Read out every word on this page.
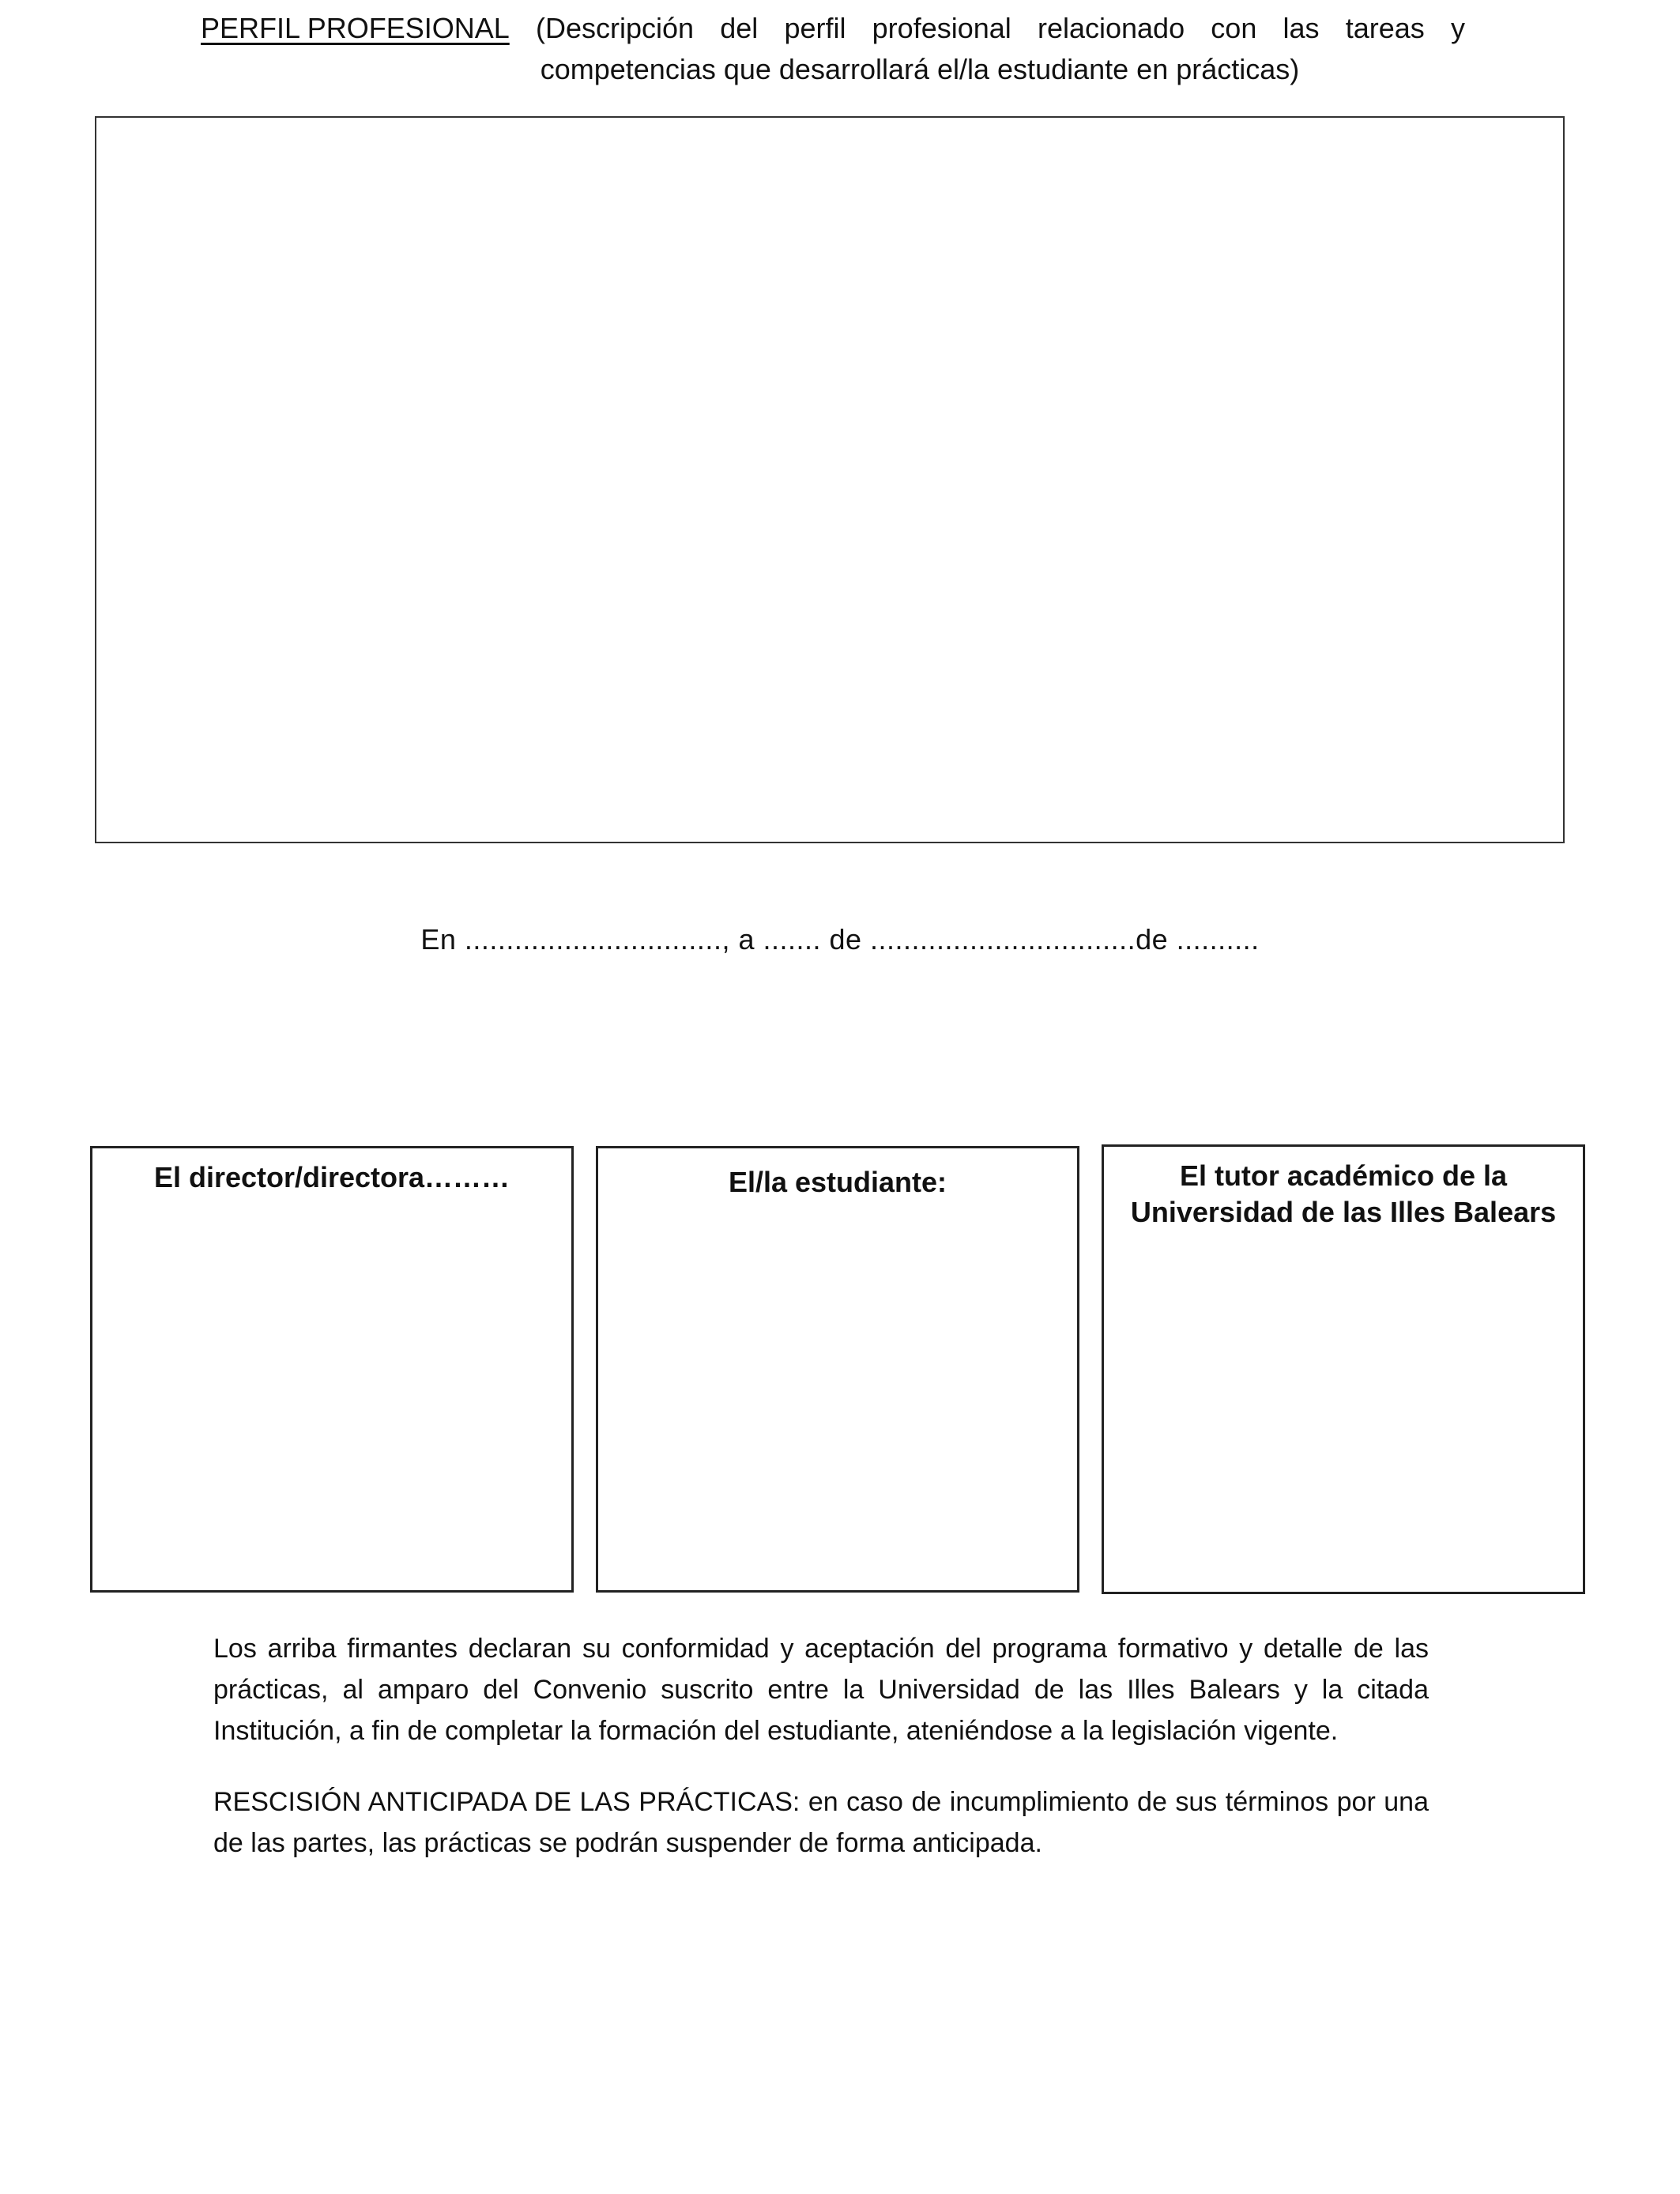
PERFIL PROFESIONAL (Descripción del perfil profesional relacionado con las tareas y
competencias que desarrollará el/la estudiante en prácticas)
En ..............................., a ....... de ................................de ..........
El director/directora………	El/la estudiante:	El tutor académico de la
Universidad de las Illes Balears
Los arriba firmantes declaran su conformidad y aceptación del programa formativo y detalle de las prácticas, al amparo del Convenio suscrito entre la Universidad de las Illes Balears y la citada Institución, a fin de completar la formación del estudiante, ateniéndose a la legislación vigente.
RESCISIÓN ANTICIPADA DE LAS PRÁCTICAS: en caso de incumplimiento de sus términos por una de las partes, las prácticas se podrán suspender de forma anticipada.
